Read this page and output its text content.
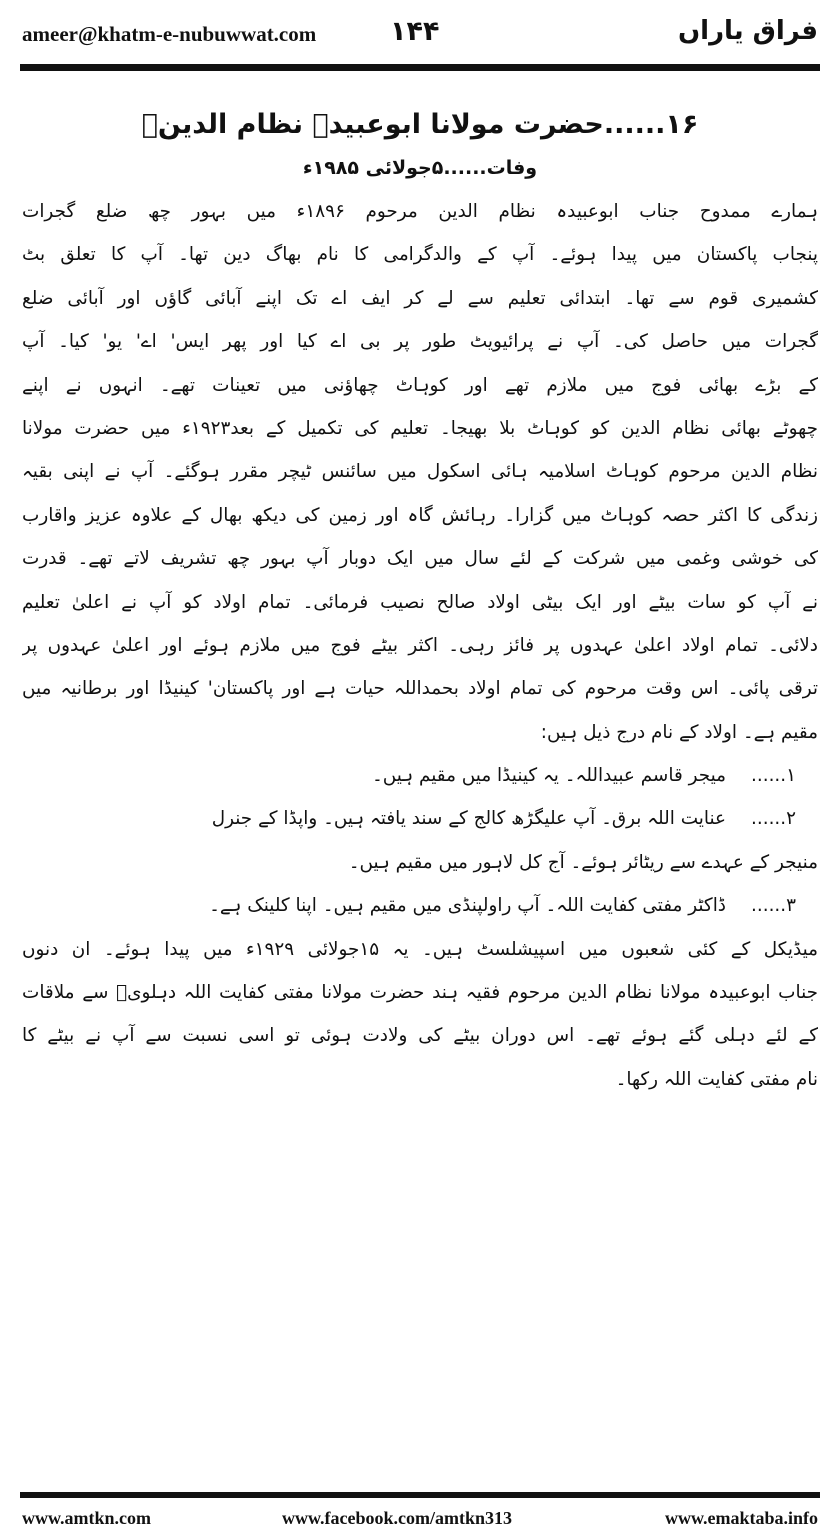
ameer@khatm-e-nubuwwat.com	۱۴۴	فراق یاراں
۱۶......حضرت مولانا ابوعبیدہ نظام الدینؒ
وفات......۵جولائی ۱۹۸۵ء
ہمارے ممدوح جناب ابوعبیدہ نظام الدین مرحوم ۱۸۹۶ء میں بہور چھ ضلع گجرات
پنجاب پاکستان میں پیدا ہوئے۔ آپ کے والدگرامی کا نام بھاگ دین تھا۔ آپ کا تعلق بٹ
کشمیری قوم سے تھا۔ ابتدائی تعلیم سے لے کر ایف اے تک اپنے آبائی گاؤں اور آبائی ضلع
گجرات میں حاصل کی۔ آپ نے پرائیویٹ طور پر بی اے کیا اور پھر ایس' اے' یو' کیا۔ آپ
کے بڑے بھائی فوج میں ملازم تھے اور کوہاٹ چھاؤنی میں تعینات تھے۔ انہوں نے اپنے
چھوٹے بھائی نظام الدین کو کوہاٹ بلا بھیجا۔ تعلیم کی تکمیل کے بعد۱۹۲۳ء میں حضرت مولانا
نظام الدین مرحوم کوہاٹ اسلامیہ ہائی اسکول میں سائنس ٹیچر مقرر ہوگئے۔ آپ نے اپنی بقیہ
زندگی کا اکثر حصہ کوہاٹ میں گزارا۔ رہائش گاہ اور زمین کی دیکھ بھال کے علاوہ عزیز واقارب
کی خوشی وغمی میں شرکت کے لئے سال میں ایک دوبار آپ بہور چھ تشریف لاتے تھے۔ قدرت
نے آپ کو سات بیٹے اور ایک بیٹی اولاد صالح نصیب فرمائی۔ تمام اولاد کو آپ نے اعلیٰ تعلیم
دلائی۔ تمام اولاد اعلیٰ عہدوں پر فائز رہی۔ اکثر بیٹے فوج میں ملازم ہوئے اور اعلیٰ عہدوں پر
ترقی پائی۔ اس وقت مرحوم کی تمام اولاد بحمداللہ حیات ہے اور پاکستان' کینیڈا اور برطانیہ میں
مقیم ہے۔ اولاد کے نام درج ذیل ہیں:
۱......
میجر قاسم عبیداللہ۔ یہ کینیڈا میں مقیم ہیں۔
۲......
عنایت اللہ برق۔ آپ علیگڑھ کالج کے سند یافتہ ہیں۔ واپڈا کے جنرل
منیجر کے عہدے سے ریٹائر ہوئے۔ آج کل لاہور میں مقیم ہیں۔
۳......
ڈاکٹر مفتی کفایت اللہ۔ آپ راولپنڈی میں مقیم ہیں۔ اپنا کلینک ہے۔
میڈیکل کے کئی شعبوں میں اسپیشلسٹ ہیں۔ یہ ۱۵جولائی ۱۹۲۹ء میں پیدا ہوئے۔ ان دنوں
جناب ابوعبیدہ مولانا نظام الدین مرحوم فقیہ ہند حضرت مولانا مفتی کفایت اللہ دہلویؒ سے ملاقات
کے لئے دہلی گئے ہوئے تھے۔ اس دوران بیٹے کی ولادت ہوئی تو اسی نسبت سے آپ نے بیٹے کا
نام مفتی کفایت اللہ رکھا۔
www.amtkn.com	www.facebook.com/amtkn313	www.emaktaba.info
